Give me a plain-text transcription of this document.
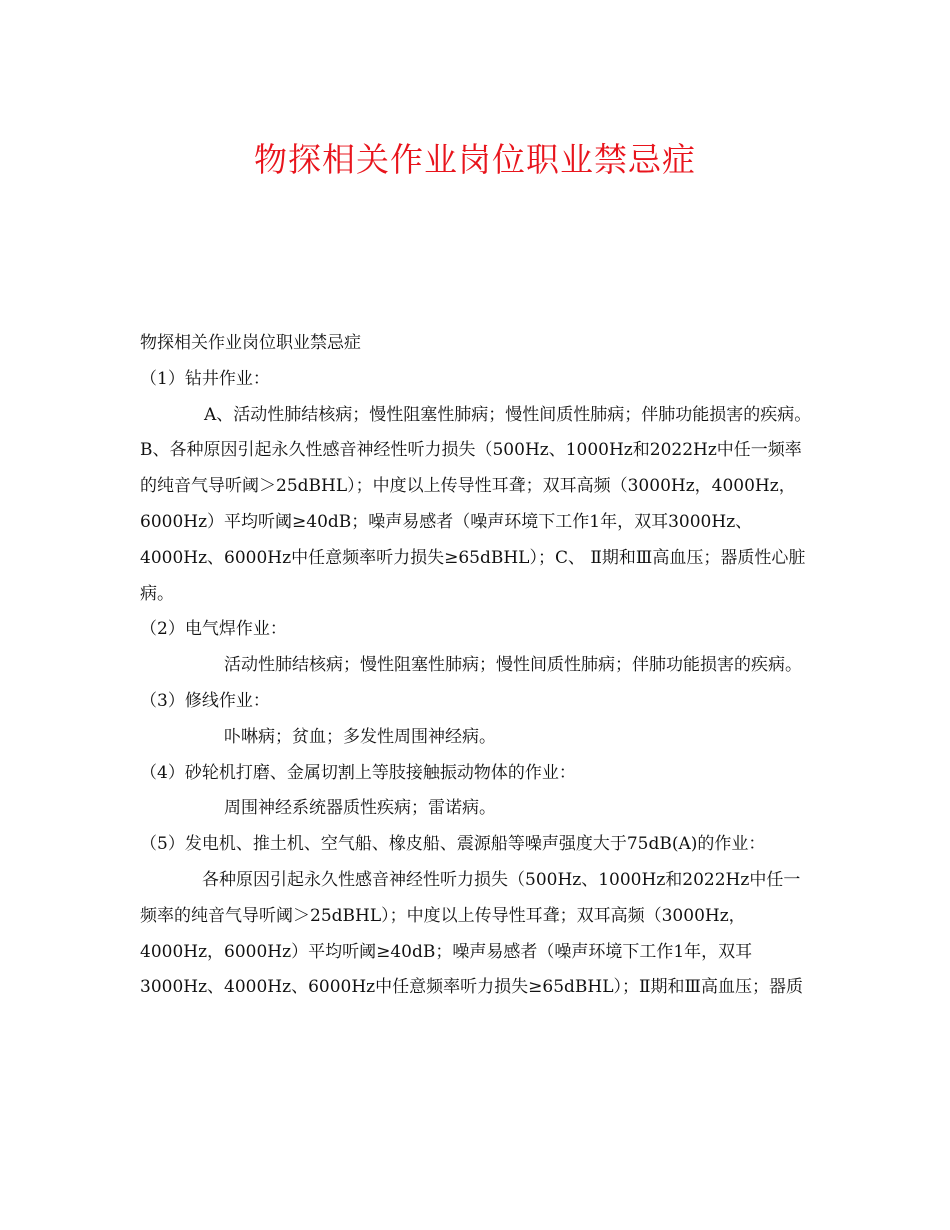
物探相关作业岗位职业禁忌症

物探相关作业岗位职业禁忌症

（1）钻井作业：

A、活动性肺结核病；慢性阻塞性肺病；慢性间质性肺病；伴肺功能损害的疾病。B、各种原因引起永久性感音神经性听力损失（500Hz、1000Hz和2022Hz中任一频率的纯音气导听阈＞25dBHL）；中度以上传导性耳聋；双耳高频（3000Hz，4000Hz，6000Hz）平均听阈≥40dB；噪声易感者（噪声环境下工作1年，双耳3000Hz、4000Hz、6000Hz中任意频率听力损失≥65dBHL）；C、 Ⅱ期和Ⅲ高血压；器质性心脏病。

（2）电气焊作业：

活动性肺结核病；慢性阻塞性肺病；慢性间质性肺病；伴肺功能损害的疾病。

（3）修线作业：

卟啉病；贫血；多发性周围神经病。

（4）砂轮机打磨、金属切割上等肢接触振动物体的作业：

周围神经系统器质性疾病；雷诺病。

（5）发电机、推土机、空气船、橡皮船、震源船等噪声强度大于75dB(A)的作业：

各种原因引起永久性感音神经性听力损失（500Hz、1000Hz和2022Hz中任一频率的纯音气导听阈＞25dBHL）；中度以上传导性耳聋；双耳高频（3000Hz，4000Hz，6000Hz）平均听阈≥40dB；噪声易感者（噪声环境下工作1年，双耳3000Hz、4000Hz、6000Hz中任意频率听力损失≥65dBHL）；Ⅱ期和Ⅲ高血压；器质
